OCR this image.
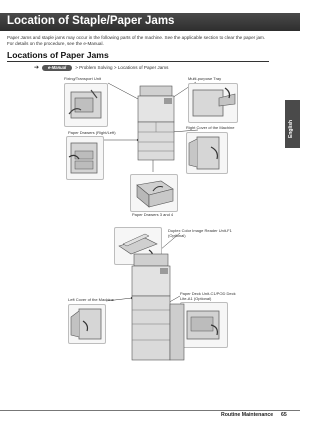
Location of Staple/Paper Jams
Paper Jams and staple jams may occur in the following parts of the machine. See the applicable section to clear the paper jam. For details on the procedure, see the e-Manual.
Locations of Paper Jams
➔	e-Manual	> Problem Solving > Locations of Paper Jams
English
Fixing/Transport Unit	Multi-purpose Tray
Paper Drawers (Right/Left)
Right Cover of the Machine
Paper Drawers 3 and 4
Duplex Color Image Reader Unit-F1
(Optional)
Left Cover of the Machine
Paper Deck Unit-C1/POD Deck
Lite-A1 (Optional)
Routine Maintenance 65
